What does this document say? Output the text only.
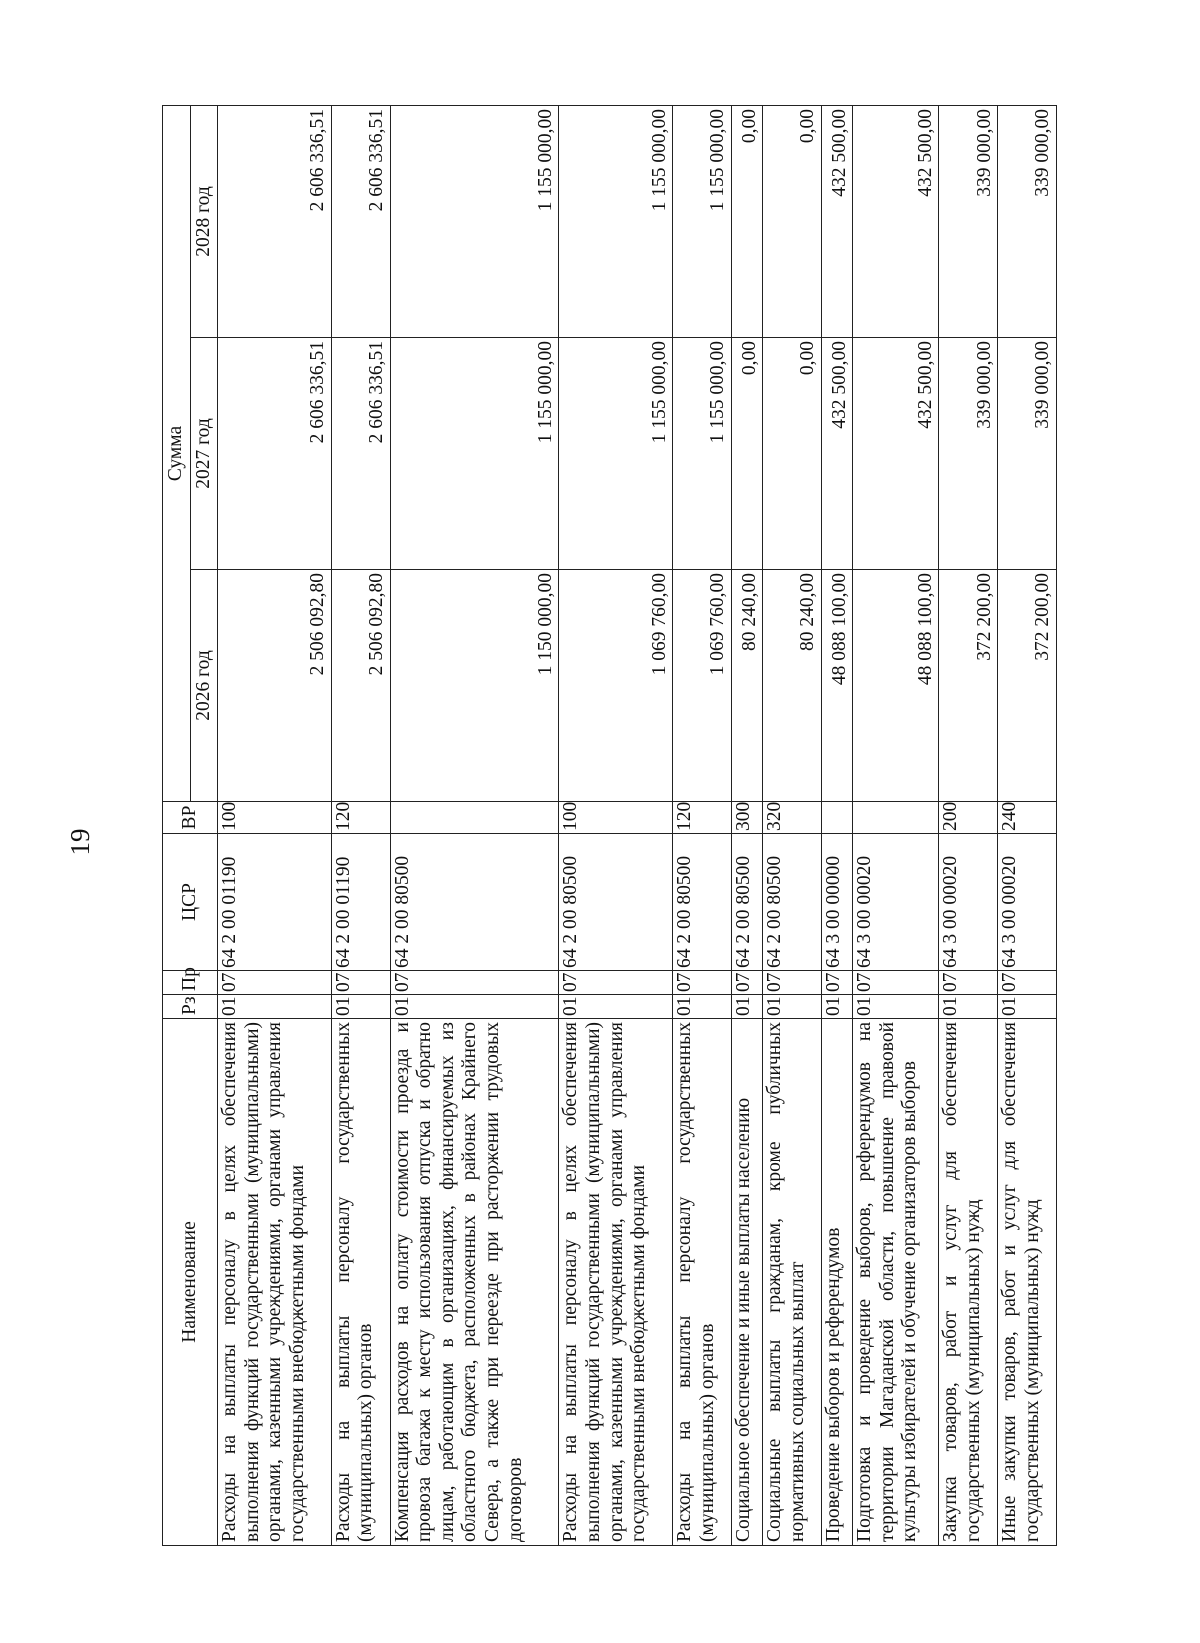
19
Наименование	Рз	Пр	ЦСР	ВР	Сумма		
					2026 год	2027 год	2028 год
Расходы на выплаты персоналу в целях обеспечения выполнения функций государственными (муниципальными) органами, казенными учреждениями, органами управления государственными внебюджетными фондами	01	07	64 2 00 01190	100	2 506 092,80	2 606 336,51	2 606 336,51
Расходы на выплаты персоналу государственных (муниципальных) органов	01	07	64 2 00 01190	120	2 506 092,80	2 606 336,51	2 606 336,51
Компенсация расходов на оплату стоимости проезда и провоза багажа к месту использования отпуска и обратно лицам, работающим в организациях, финансируемых из областного бюджета, расположенных в районах Крайнего Севера, а также при переезде при расторжении трудовых договоров	01	07	64 2 00 80500		1 150 000,00	1 155 000,00	1 155 000,00
Расходы на выплаты персоналу в целях обеспечения выполнения функций государственными (муниципальными) органами, казенными учреждениями, органами управления государственными внебюджетными фондами	01	07	64 2 00 80500	100	1 069 760,00	1 155 000,00	1 155 000,00
Расходы на выплаты персоналу государственных (муниципальных) органов	01	07	64 2 00 80500	120	1 069 760,00	1 155 000,00	1 155 000,00
Социальное обеспечение и иные выплаты населению	01	07	64 2 00 80500	300	80 240,00	0,00	0,00
Социальные выплаты гражданам, кроме публичных нормативных социальных выплат	01	07	64 2 00 80500	320	80 240,00	0,00	0,00
Проведение выборов и референдумов	01	07	64 3 00 00000		48 088 100,00	432 500,00	432 500,00
Подготовка и проведение выборов, референдумов на территории Магаданской области, повышение правовой культуры избирателей и обучение организаторов выборов	01	07	64 3 00 00020		48 088 100,00	432 500,00	432 500,00
Закупка товаров, работ и услуг для обеспечения государственных (муниципальных) нужд	01	07	64 3 00 00020	200	372 200,00	339 000,00	339 000,00
Иные закупки товаров, работ и услуг для обеспечения государственных (муниципальных) нужд	01	07	64 3 00 00020	240	372 200,00	339 000,00	339 000,00
